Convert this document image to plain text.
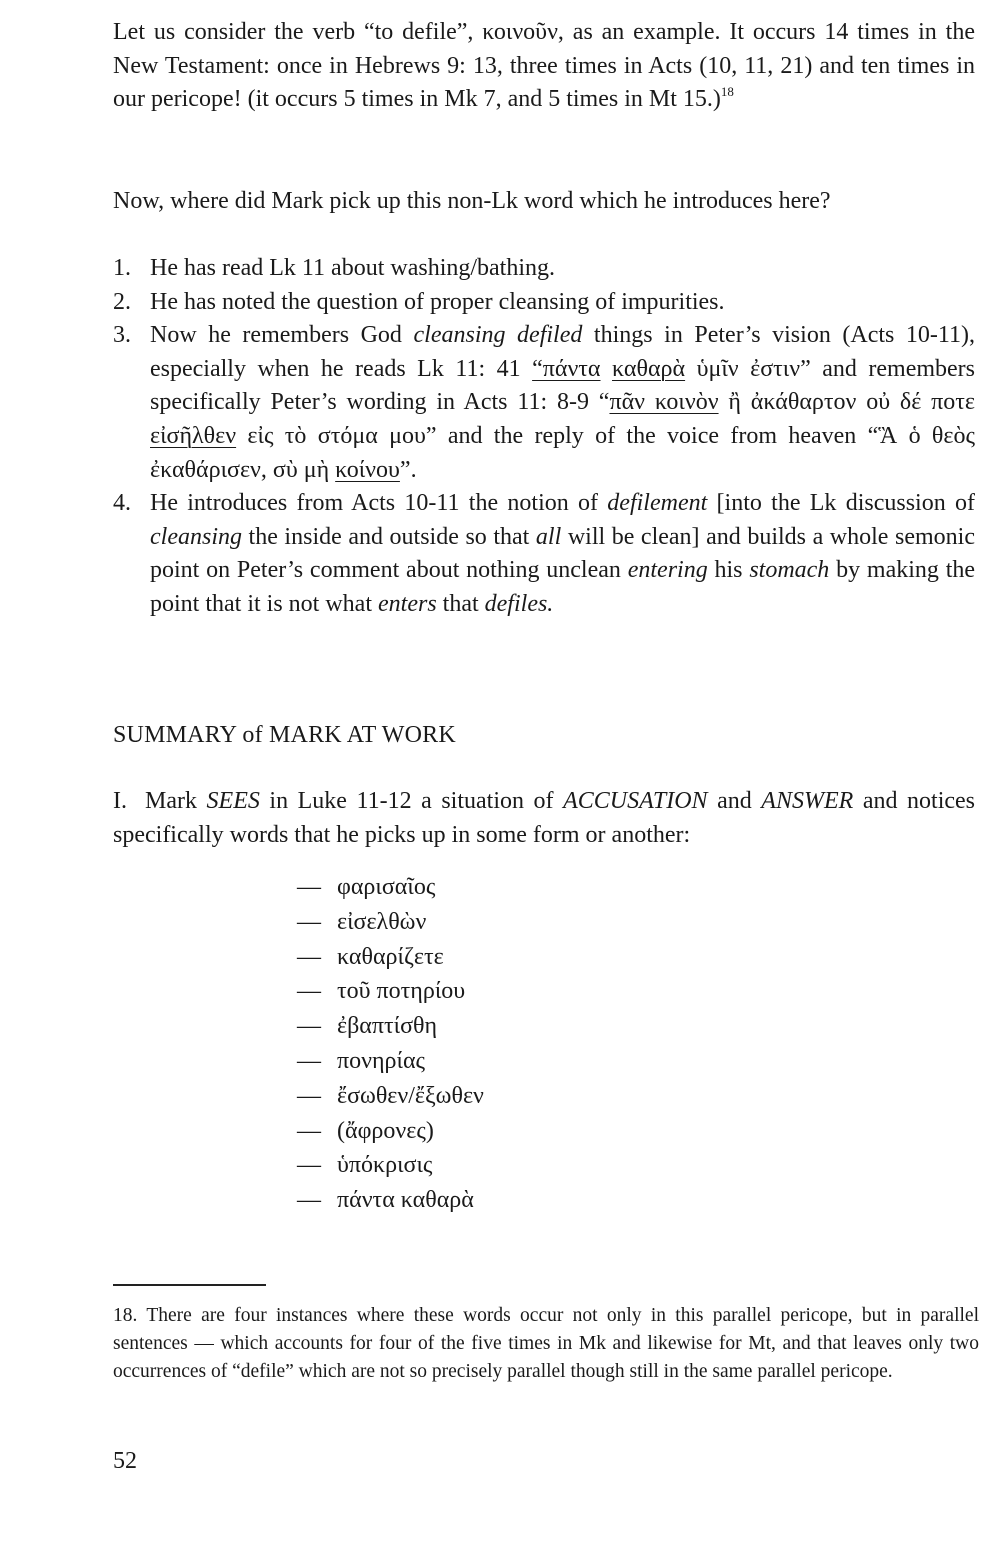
Let us consider the verb “to defile”, κοινοῦν, as an example. It occurs 14 times in the New Testament: once in Hebrews 9: 13, three times in Acts (10, 11, 21) and ten times in our pericope! (it occurs 5 times in Mk 7, and 5 times in Mt 15.)$^{18}$

Now, where did Mark pick up this non-Lk word which he introduces here?

1. He has read Lk 11 about washing/bathing.
2. He has noted the question of proper cleansing of impurities.
3. Now he remembers God cleansing defiled things in Peter’s vision (Acts 10-11), especially when he reads Lk 11: 41 “πάντα καθαρὰ ὑμῖν ἐστιν” and remembers specifically Peter’s wording in Acts 11: 8-9 “πᾶν κοινὸν ἢ ἀκάθαρτον οὐ δέ ποτε εἰσῆλθεν εἰς τὸ στόμα μου” and the reply of the voice from heaven “Ἃ ὁ θεὸς ἐκαθάρισεν, σὺ μὴ κοίνου”.
4. He introduces from Acts 10-11 the notion of defilement [into the Lk discussion of cleansing the inside and outside so that all will be clean] and builds a whole semonic point on Peter’s comment about nothing unclean entering his stomach by making the point that it is not what enters that defiles.
SUMMARY of MARK AT WORK

I. Mark SEES in Luke 11-12 a situation of ACCUSATION and ANSWER and notices specifically words that he picks up in some form or another:

— φαρισαῖος
— εἰσελθὼν
— καθαρίζετε
— τοῦ ποτηρίου
— ἐβαπτίσθη
— πονηρίας
— ἔσωθεν/ἔξωθεν
— (ἄφρονες)
— ὑπόκρισις
— πάντα καθαρὰ

18. There are four instances where these words occur not only in this parallel pericope, but in parallel sentences — which accounts for four of the five times in Mk and likewise for Mt, and that leaves only two occurrences of “defile” which are not so precisely parallel though still in the same parallel pericope.

52
